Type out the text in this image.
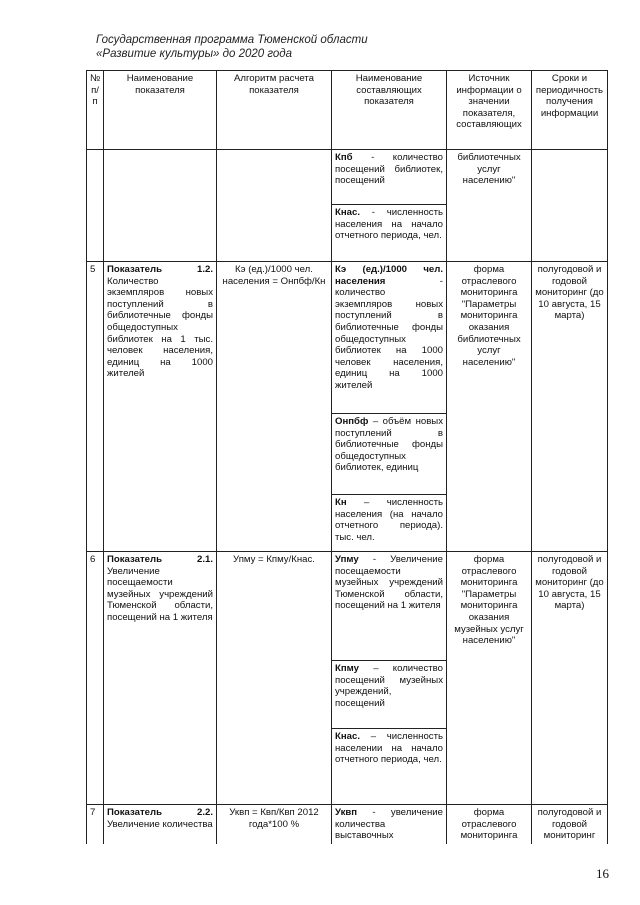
Государственная программа Тюменской области
«Развитие культуры» до 2020 года
№ п/п	Наименование показателя	Алгоритм расчета показателя	Наименование составляющих показателя	Источник информации о значении показателя, составляющих	Сроки и периодичность получения информации
			Кпб - количество посещений библиотек, посещений	библиотечных услуг населению"	
			Кнас. - численность населения на начало отчетного периода, чел.		
5	Показатель 1.2. Количество экземпляров новых поступлений в библиотечные фонды общедоступных библиотек на 1 тыс. человек населения, единиц на 1000 жителей	Кэ (ед.)/1000 чел. населения = Онпбф/Кн	Кэ (ед.)/1000 чел. населения - количество экземпляров новых поступлений в библиотечные фонды общедоступных библиотек на 1000 человек населения, единиц на 1000 жителей	форма отраслевого мониторинга "Параметры мониторинга оказания библиотечных услуг населению"	полугодовой и годовой мониторинг (до 10 августа, 15 марта)
			Онпбф – объём новых поступлений в библиотечные фонды общедоступных библиотек, единиц		
			Кн – численность населения (на начало отчетного периода). тыс. чел.		
6	Показатель 2.1. Увеличение посещаемости музейных учреждений Тюменской области, посещений на 1 жителя	Упму = Кпму/Кнас.	Упму - Увеличение посещаемости музейных учреждений Тюменской области, посещений на 1 жителя	форма отраслевого мониторинга "Параметры мониторинга оказания музейных услуг населению"	полугодовой и годовой мониторинг (до 10 августа, 15 марта)
			Кпму – количество посещений музейных учреждений, посещений		
			Кнас. – численность населении на начало отчетного периода, чел.		
7	Показатель 2.2. Увеличение количества	Уквп = Квп/Квп 2012 года*100 %	Уквп - увеличение количества выставочных	форма отраслевого мониторинга	полугодовой и годовой мониторинг
16
